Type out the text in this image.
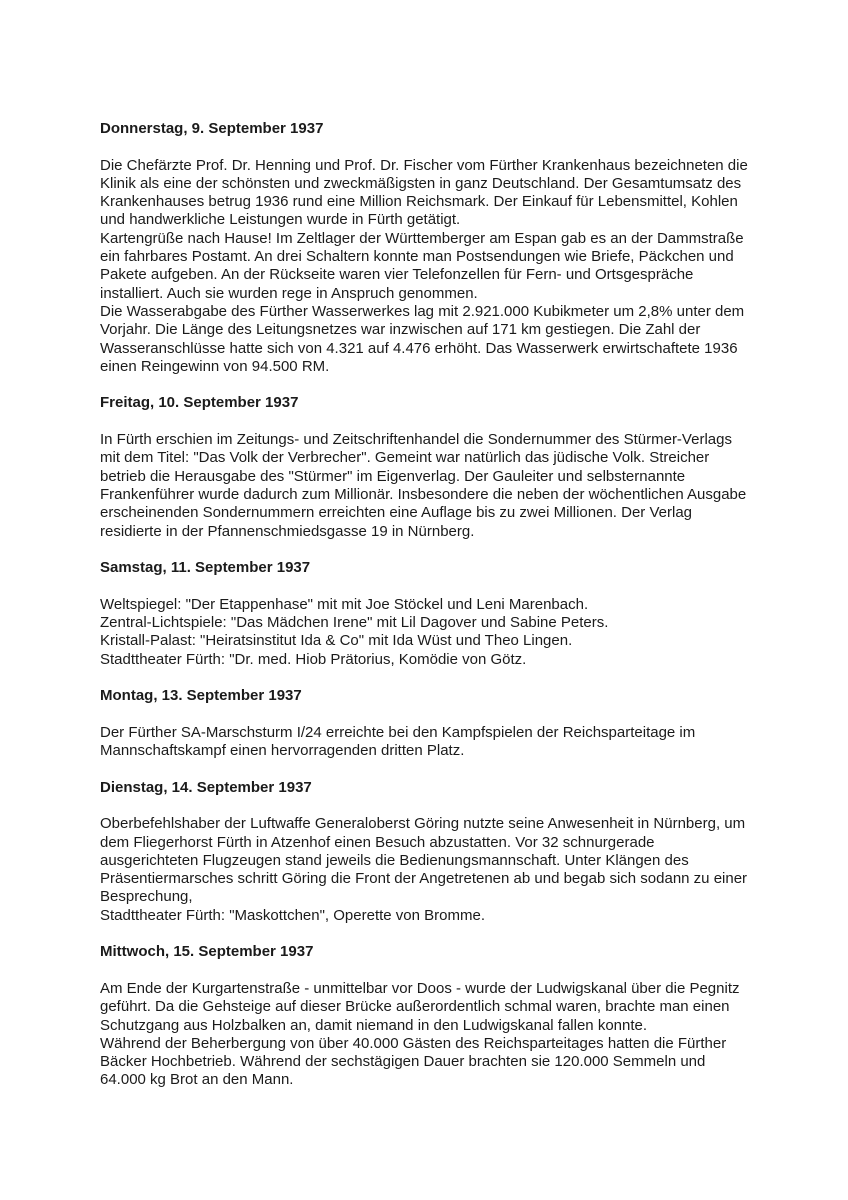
Donnerstag, 9. September 1937

Die Chefärzte Prof. Dr. Henning und Prof. Dr. Fischer vom Fürther Krankenhaus bezeichneten die Klinik als eine der schönsten und zweckmäßigsten in ganz Deutschland. Der Gesamtumsatz des Krankenhauses betrug 1936 rund eine Million Reichsmark. Der Einkauf für Lebensmittel, Kohlen und handwerkliche Leistungen wurde in Fürth getätigt.

Kartengrüße nach Hause! Im Zeltlager der Württemberger am Espan gab es an der Dammstraße ein fahrbares Postamt. An drei Schaltern konnte man Postsendungen wie Briefe, Päckchen und Pakete aufgeben. An der Rückseite waren vier Telefonzellen für Fern- und Ortsgespräche installiert. Auch sie wurden rege in Anspruch genommen.

Die Wasserabgabe des Fürther Wasserwerkes lag mit 2.921.000 Kubikmeter um 2,8% unter dem Vorjahr. Die Länge des Leitungsnetzes war inzwischen auf 171 km gestiegen. Die Zahl der Wasseranschlüsse hatte sich von 4.321 auf 4.476 erhöht. Das Wasserwerk erwirtschaftete 1936 einen Reingewinn von 94.500 RM.

Freitag, 10. September 1937

In Fürth erschien im Zeitungs- und Zeitschriftenhandel die Sondernummer des Stürmer-Verlags mit dem Titel: "Das Volk der Verbrecher". Gemeint war natürlich das jüdische Volk. Streicher betrieb die Herausgabe des "Stürmer" im Eigenverlag. Der Gauleiter und selbsternannte Frankenführer wurde dadurch zum Millionär. Insbesondere die neben der wöchentlichen Ausgabe erscheinenden Sondernummern erreichten eine Auflage bis zu zwei Millionen. Der Verlag residierte in der Pfannenschmiedsgasse 19 in Nürnberg.

Samstag, 11. September 1937

Weltspiegel: "Der Etappenhase" mit mit Joe Stöckel und Leni Marenbach.

Zentral-Lichtspiele: "Das Mädchen Irene" mit Lil Dagover und Sabine Peters.

Kristall-Palast: "Heiratsinstitut Ida & Co" mit Ida Wüst und Theo Lingen.

Stadttheater Fürth: "Dr. med. Hiob Prätorius, Komödie von Götz.

Montag, 13. September 1937

Der Fürther SA-Marschsturm I/24 erreichte bei den Kampfspielen der Reichsparteitage im Mannschaftskampf einen hervorragenden dritten Platz.

Dienstag, 14. September 1937

Oberbefehlshaber der Luftwaffe Generaloberst Göring nutzte seine Anwesenheit in Nürnberg, um dem Fliegerhorst Fürth in Atzenhof einen Besuch abzustatten. Vor 32 schnurgerade ausgerichteten Flugzeugen stand jeweils die Bedienungsmannschaft. Unter Klängen des Präsentiermarsches schritt Göring die Front der Angetretenen ab und begab sich sodann zu einer Besprechung,

Stadttheater Fürth: "Maskottchen", Operette von Bromme.

Mittwoch, 15. September 1937

Am Ende der Kurgartenstraße - unmittelbar vor Doos - wurde der Ludwigskanal über die Pegnitz geführt. Da die Gehsteige auf dieser Brücke außerordentlich schmal waren, brachte man einen Schutzgang aus Holzbalken an, damit niemand in den Ludwigskanal fallen konnte.

Während der Beherbergung von über 40.000 Gästen des Reichsparteitages hatten die Fürther Bäcker Hochbetrieb. Während der sechstägigen Dauer brachten sie 120.000 Semmeln und 64.000 kg Brot an den Mann.
